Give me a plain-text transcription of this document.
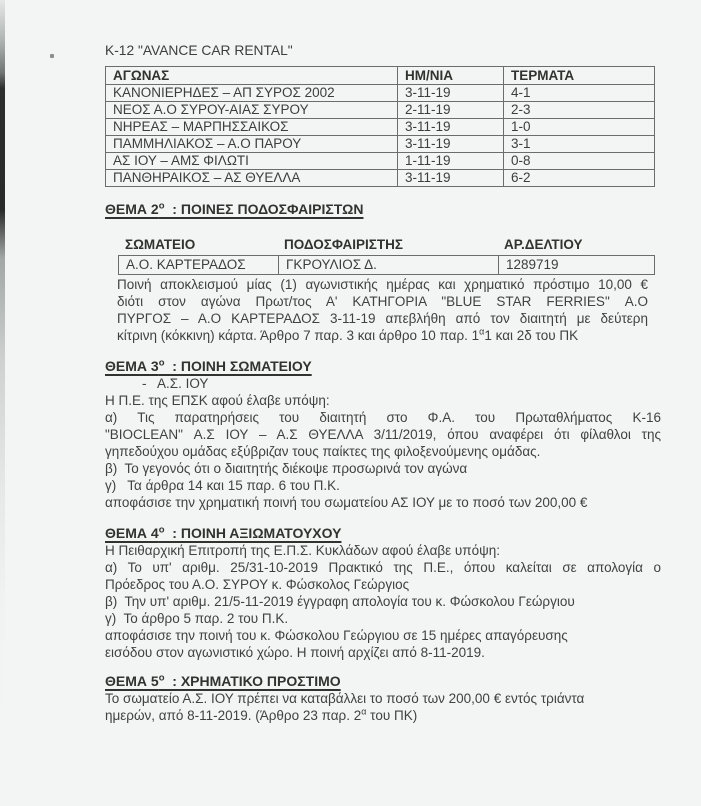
K-12 "AVANCE CAR RENTAL"
ΑΓΩΝΑΣ	ΗΜ/ΝΙΑ	ΤΕΡΜΑΤΑ
ΚΑΝΟΝΙΕΡΗΔΕΣ – ΑΠ ΣΥΡΟΣ 2002	3-11-19	4-1
ΝΕΟΣ Α.Ο ΣΥΡΟΥ-ΑΙΑΣ ΣΥΡΟΥ	2-11-19	2-3
ΝΗΡΕΑΣ – ΜΑΡΠΗΣΣΑΙΚΟΣ	3-11-19	1-0
ΠΑΜΜΗΛΙΑΚΟΣ – Α.Ο ΠΑΡΟΥ	3-11-19	3-1
ΑΣ ΙΟΥ – ΑΜΣ ΦΙΛΩΤΙ	1-11-19	0-8
ΠΑΝΘΗΡΑΙΚΟΣ – ΑΣ ΘΥΕΛΛΑ	3-11-19	6-2
ΘΕΜΑ $2^o$  : ΠΟΙΝΕΣ ΠΟΔΟΣΦΑΙΡΙΣΤΩΝ
ΣΩΜΑΤΕΙΟ	ΠΟΔΟΣΦΑΙΡΙΣΤΗΣ	ΑΡ.ΔΕΛΤΙΟΥ
Α.Ο. ΚΑΡΤΕΡΑΔΟΣ	ΓΚΡΟΥΛΙΟΣ Δ.	1289719
Ποινή αποκλεισμού μίας (1) αγωνιστικής ημέρας και χρηματικό πρόστιμο 10,00 €
διότι στον αγώνα Πρωτ/τος Α' ΚΑΤΗΓΟΡΙΑ "BLUE STAR FERRIES" Α.Ο
ΠΥΡΓΟΣ – Α.Ο ΚΑΡΤΕΡΑΔΟΣ 3-11-19 απεβλήθη από τον διαιτητή με δεύτερη
κίτρινη (κόκκινη) κάρτα. Άρθρο 7 παρ. 3 και άρθρο 10 παρ. $1^\alpha 1$ και 2δ του ΠΚ
ΘΕΜΑ $3^o$  : ΠΟΙΝΗ ΣΩΜΑΤΕΙΟΥ
-   Α.Σ. ΙΟΥ
Η Π.Ε. της ΕΠΣΚ αφού έλαβε υπόψη:
α) Τις παρατηρήσεις του διαιτητή στο Φ.Α. του Πρωταθλήματος Κ-16
"BIOCLEAN" Α.Σ ΙΟΥ – Α.Σ ΘΥΕΛΛΑ 3/11/2019, όπου αναφέρει ότι φίλαθλοι της
γηπεδούχου ομάδας εξύβριζαν τους παίκτες της φιλοξενούμενης ομάδας.
β)  Το γεγονός ότι ο διαιτητής διέκοψε προσωρινά τον αγώνα
γ)   Τα άρθρα 14 και 15 παρ. 6 του Π.Κ.
αποφάσισε την χρηματική ποινή του σωματείου ΑΣ ΙΟΥ με το ποσό των 200,00 €
ΘΕΜΑ $4^o$  : ΠΟΙΝΗ ΑΞΙΩΜΑΤΟΥΧΟΥ
Η Πειθαρχική Επιτροπή της Ε.Π.Σ. Κυκλάδων αφού έλαβε υπόψη:
α) Το υπ' αριθμ. 25/31-10-2019 Πρακτικό της Π.Ε., όπου καλείται σε απολογία ο
Πρόεδρος του Α.Ο. ΣΥΡΟΥ κ. Φώσκολος Γεώργιος
β)  Την υπ' αριθμ. 21/5-11-2019 έγγραφη απολογία του κ. Φώσκολου Γεώργιου
γ)  Το άρθρο 5 παρ. 2 του Π.Κ.
αποφάσισε την ποινή του κ. Φώσκολου Γεώργιου σε 15 ημέρες απαγόρευσης
εισόδου στον αγωνιστικό χώρο. Η ποινή αρχίζει από 8-11-2019.
ΘΕΜΑ $5^o$  : ΧΡΗΜΑΤΙΚΟ ΠΡΟΣΤΙΜΟ
Το σωματείο Α.Σ. ΙΟΥ πρέπει να καταβάλλει το ποσό των 200,00 € εντός τριάντα
ημερών, από 8-11-2019. (Άρθρο 23 παρ. $2^\alpha$ του ΠΚ)
